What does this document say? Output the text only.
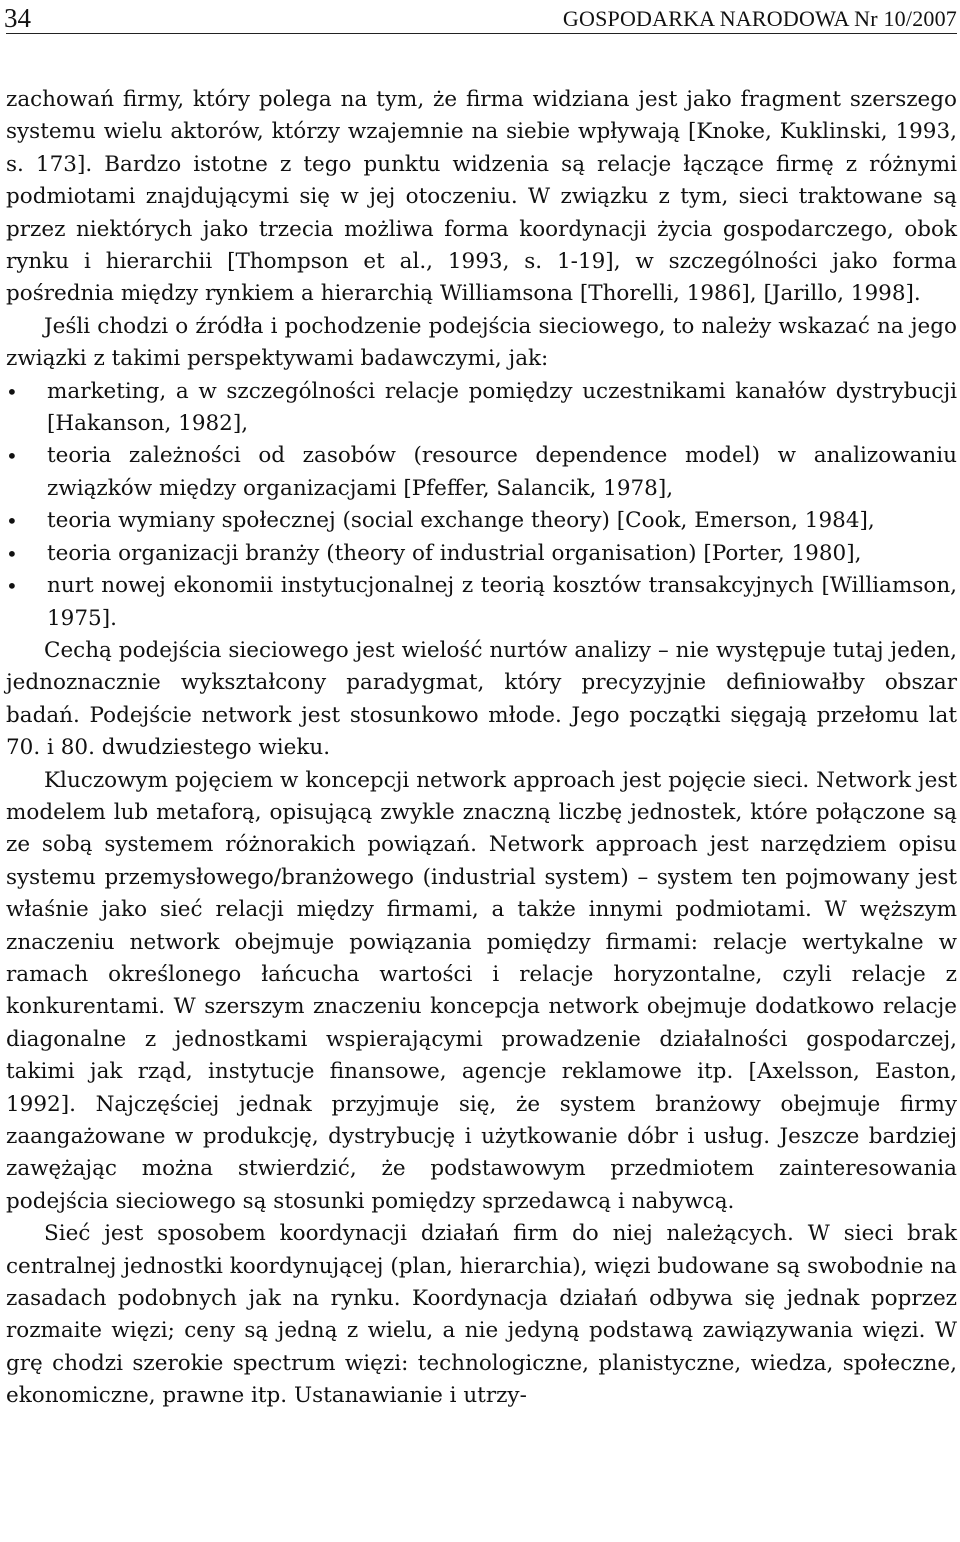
34	GOSPODARKA NARODOWA Nr 10/2007

zachowań firmy, który polega na tym, że firma widziana jest jako fragment szerszego systemu wielu aktorów, którzy wzajemnie na siebie wpływają [Knoke, Kuklinski, 1993, s. 173]. Bardzo istotne z tego punktu widzenia są relacje łączące firmę z różnymi podmiotami znajdującymi się w jej otoczeniu. W związku z tym, sieci traktowane są przez niektórych jako trzecia możliwa forma koordynacji życia gospodarczego, obok rynku i hierarchii [Thompson et al., 1993, s. 1-19], w szczególności jako forma pośrednia między rynkiem a hierarchią Williamsona [Thorelli, 1986], [Jarillo, 1998].

Jeśli chodzi o źródła i pochodzenie podejścia sieciowego, to należy wskazać na jego związki z takimi perspektywami badawczymi, jak:

•	marketing, a w szczególności relacje pomiędzy uczestnikami kanałów dystrybucji [Hakanson, 1982],
•	teoria zależności od zasobów (resource dependence model) w analizowaniu związków między organizacjami [Pfeffer, Salancik, 1978],
•	teoria wymiany społecznej (social exchange theory) [Cook, Emerson, 1984],
•	teoria organizacji branży (theory of industrial organisation) [Porter, 1980],
•	nurt nowej ekonomii instytucjonalnej z teorią kosztów transakcyjnych [Williamson, 1975].

Cechą podejścia sieciowego jest wielość nurtów analizy – nie występuje tutaj jeden, jednoznacznie wykształcony paradygmat, który precyzyjnie definiowałby obszar badań. Podejście network jest stosunkowo młode. Jego początki sięgają przełomu lat 70. i 80. dwudziestego wieku.

Kluczowym pojęciem w koncepcji network approach jest pojęcie sieci. Network jest modelem lub metaforą, opisującą zwykle znaczną liczbę jednostek, które połączone są ze sobą systemem różnorakich powiązań. Network approach jest narzędziem opisu systemu przemysłowego/branżowego (industrial system) – system ten pojmowany jest właśnie jako sieć relacji między firmami, a także innymi podmiotami. W węższym znaczeniu network obejmuje powiązania pomiędzy firmami: relacje wertykalne w ramach określonego łańcucha wartości i relacje horyzontalne, czyli relacje z konkurentami. W szerszym znaczeniu koncepcja network obejmuje dodatkowo relacje diagonalne z jednostkami wspierającymi prowadzenie działalności gospodarczej, takimi jak rząd, instytucje finansowe, agencje reklamowe itp. [Axelsson, Easton, 1992]. Najczęściej jednak przyjmuje się, że system branżowy obejmuje firmy zaangażowane w produkcję, dystrybucję i użytkowanie dóbr i usług. Jeszcze bardziej zawężając można stwierdzić, że podstawowym przedmiotem zainteresowania podejścia sieciowego są stosunki pomiędzy sprzedawcą i nabywcą.

Sieć jest sposobem koordynacji działań firm do niej należących. W sieci brak centralnej jednostki koordynującej (plan, hierarchia), więzi budowane są swobodnie na zasadach podobnych jak na rynku. Koordynacja działań odbywa się jednak poprzez rozmaite więzi; ceny są jedną z wielu, a nie jedyną podstawą zawiązywania więzi. W grę chodzi szerokie spectrum więzi: technologiczne, planistyczne, wiedza, społeczne, ekonomiczne, prawne itp. Ustanawianie i utrzy-
